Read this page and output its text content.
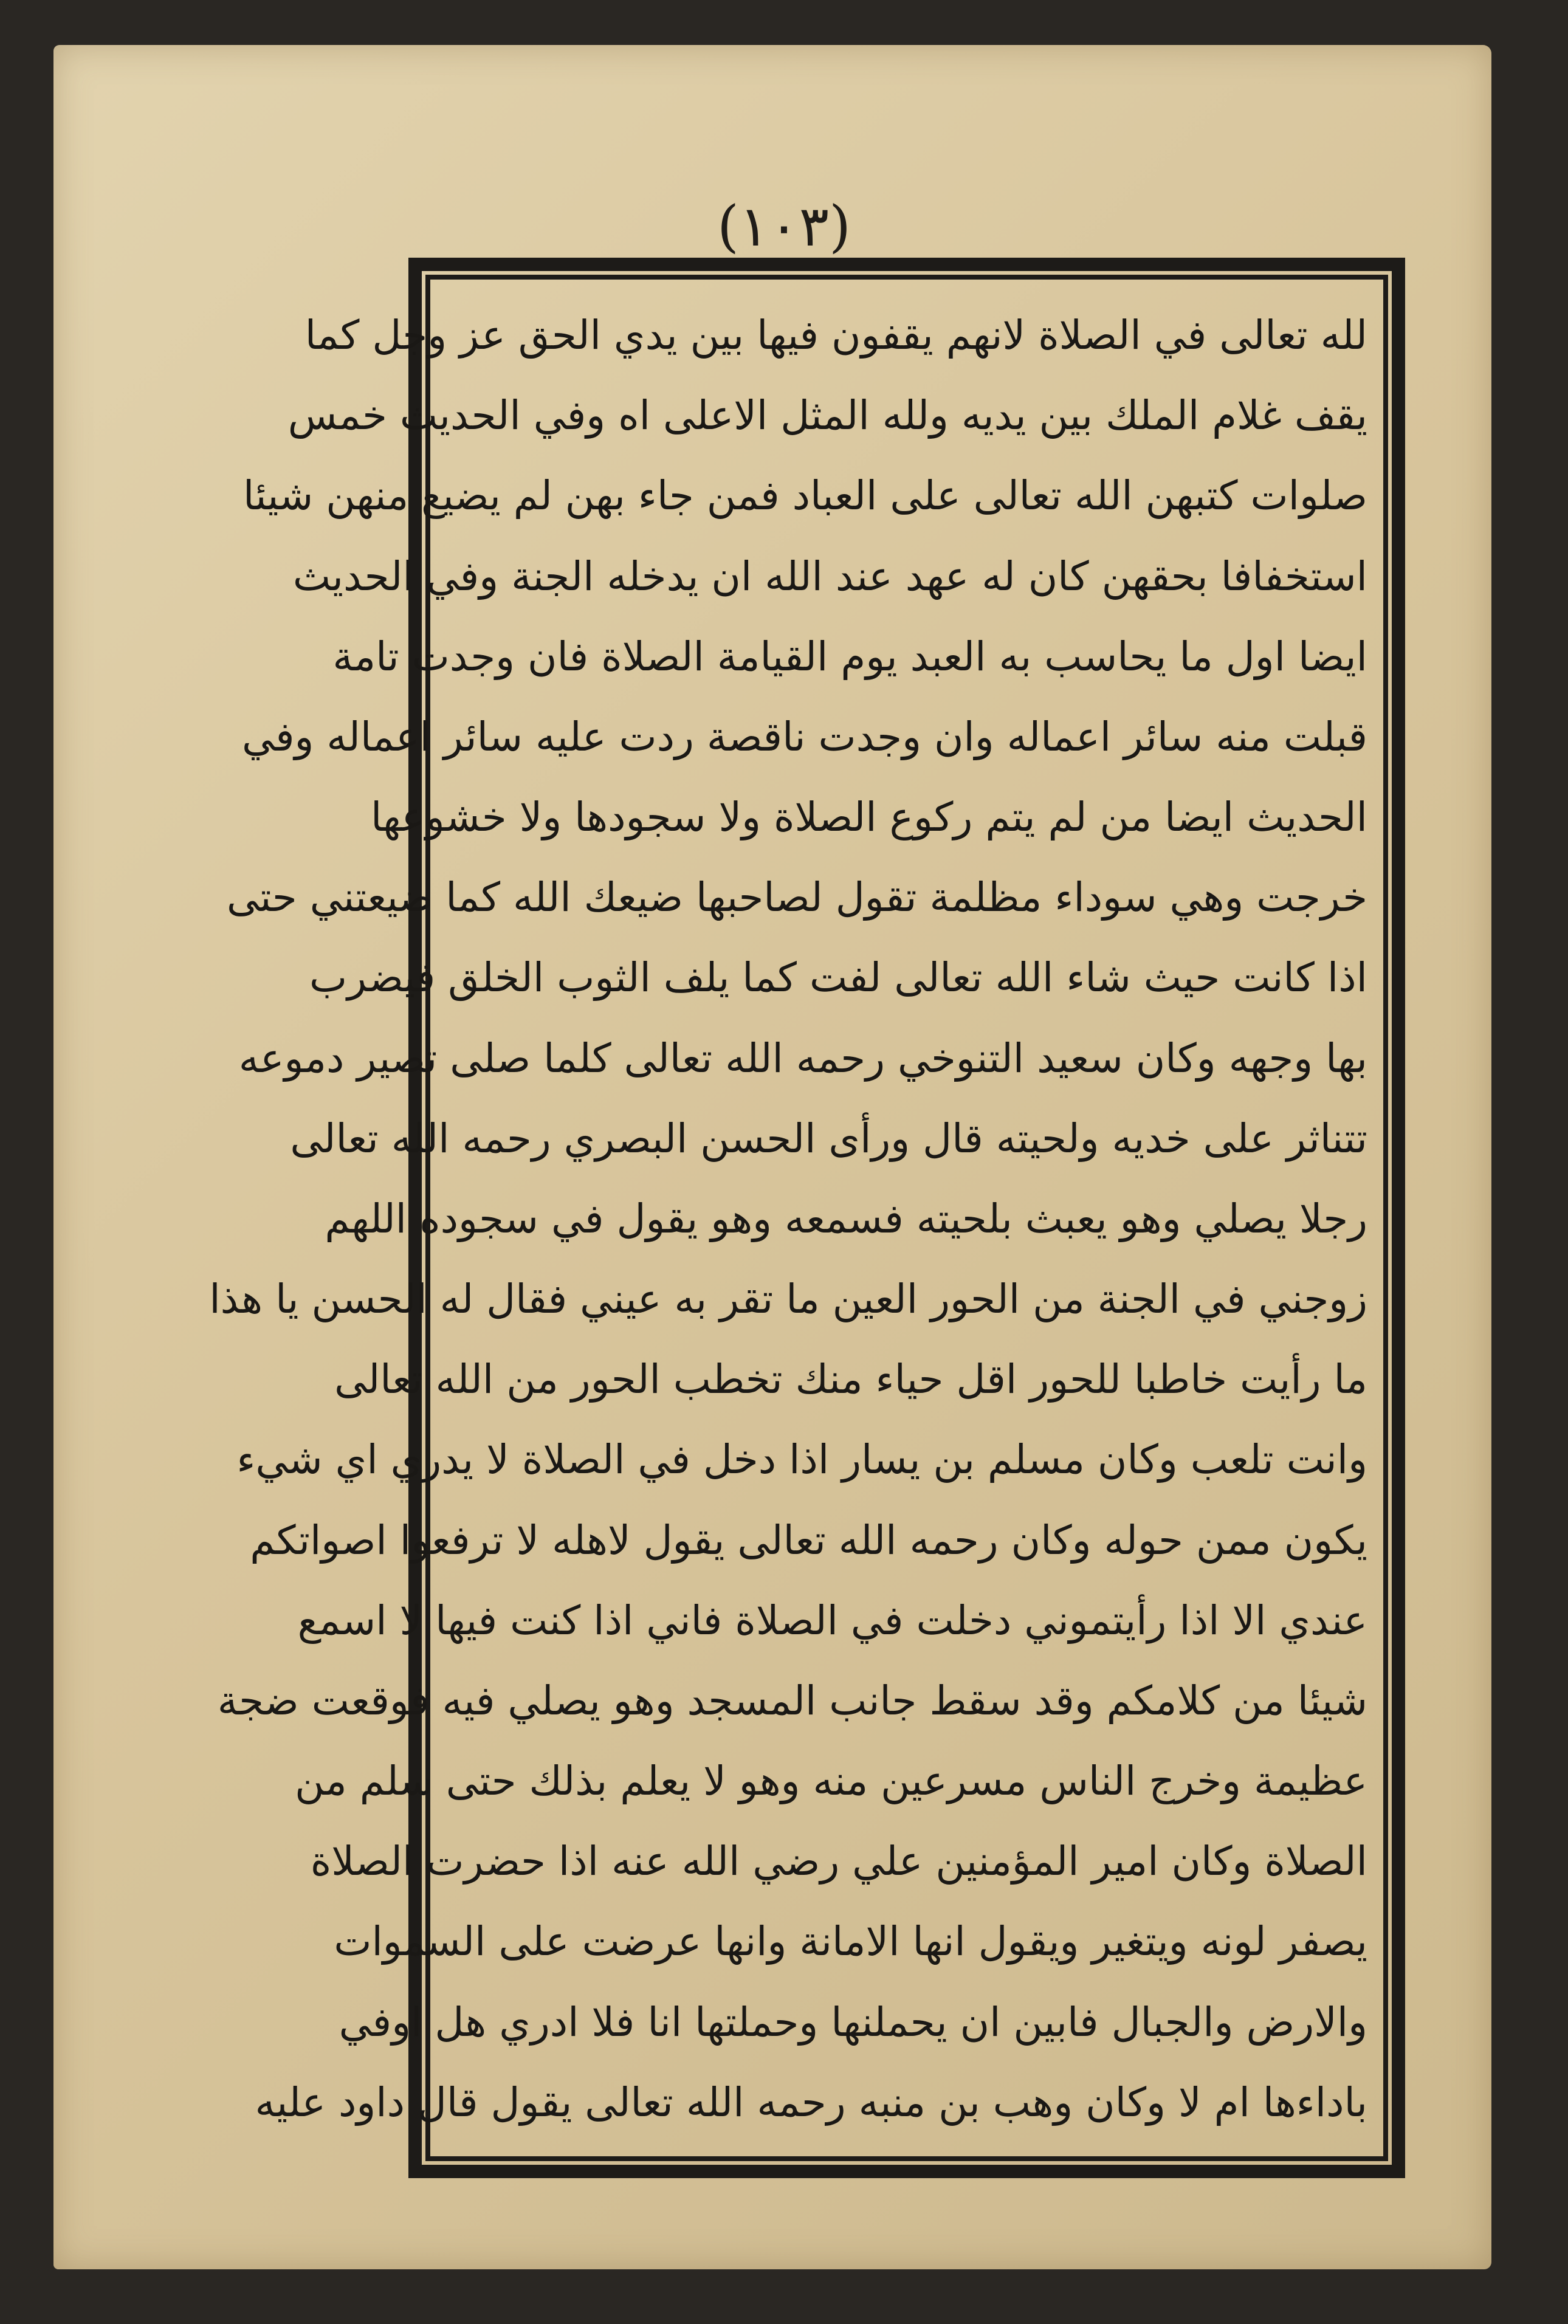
(١٠٣)
لله تعالى في الصلاة لانهم يقفون فيها بين يدي الحق عز وجل كما
يقف غلام الملك بين يديه ولله المثل الاعلى اه وفي الحديث خمس
صلوات كتبهن الله تعالى على العباد فمن جاء بهن لم يضيع منهن شيئا
استخفافا بحقهن كان له عهد عند الله ان يدخله الجنة وفي الحديث
ايضا اول ما يحاسب به العبد يوم القيامة الصلاة فان وجدت تامة
قبلت منه سائر اعماله وان وجدت ناقصة ردت عليه سائر اعماله وفي
الحديث ايضا من لم يتم ركوع الصلاة ولا سجودها ولا خشوعها
خرجت وهي سوداء مظلمة تقول لصاحبها ضيعك الله كما ضيعتني حتى
اذا كانت حيث شاء الله تعالى لفت كما يلف الثوب الخلق فيضرب
بها وجهه وكان سعيد التنوخي رحمه الله تعالى كلما صلى تصير دموعه
تتناثر على خديه ولحيته قال ورأى الحسن البصري رحمه الله تعالى
رجلا يصلي وهو يعبث بلحيته فسمعه وهو يقول في سجوده اللهم
زوجني في الجنة من الحور العين ما تقر به عيني فقال له الحسن يا هذا
ما رأيت خاطبا للحور اقل حياء منك تخطب الحور من الله تعالى
وانت تلعب وكان مسلم بن يسار اذا دخل في الصلاة لا يدري اي شيء
يكون ممن حوله وكان رحمه الله تعالى يقول لاهله لا ترفعوا اصواتكم
عندي الا اذا رأيتموني دخلت في الصلاة فاني اذا كنت فيها لا اسمع
شيئا من كلامكم وقد سقط جانب المسجد وهو يصلي فيه فوقعت ضجة
عظيمة وخرج الناس مسرعين منه وهو لا يعلم بذلك حتى سلم من
الصلاة وكان امير المؤمنين علي رضي الله عنه اذا حضرت الصلاة
يصفر لونه ويتغير ويقول انها الامانة وانها عرضت على السموات
والارض والجبال فابين ان يحملنها وحملتها انا فلا ادري هل اوفي
باداءها ام لا وكان وهب بن منبه رحمه الله تعالى يقول قال داود عليه
